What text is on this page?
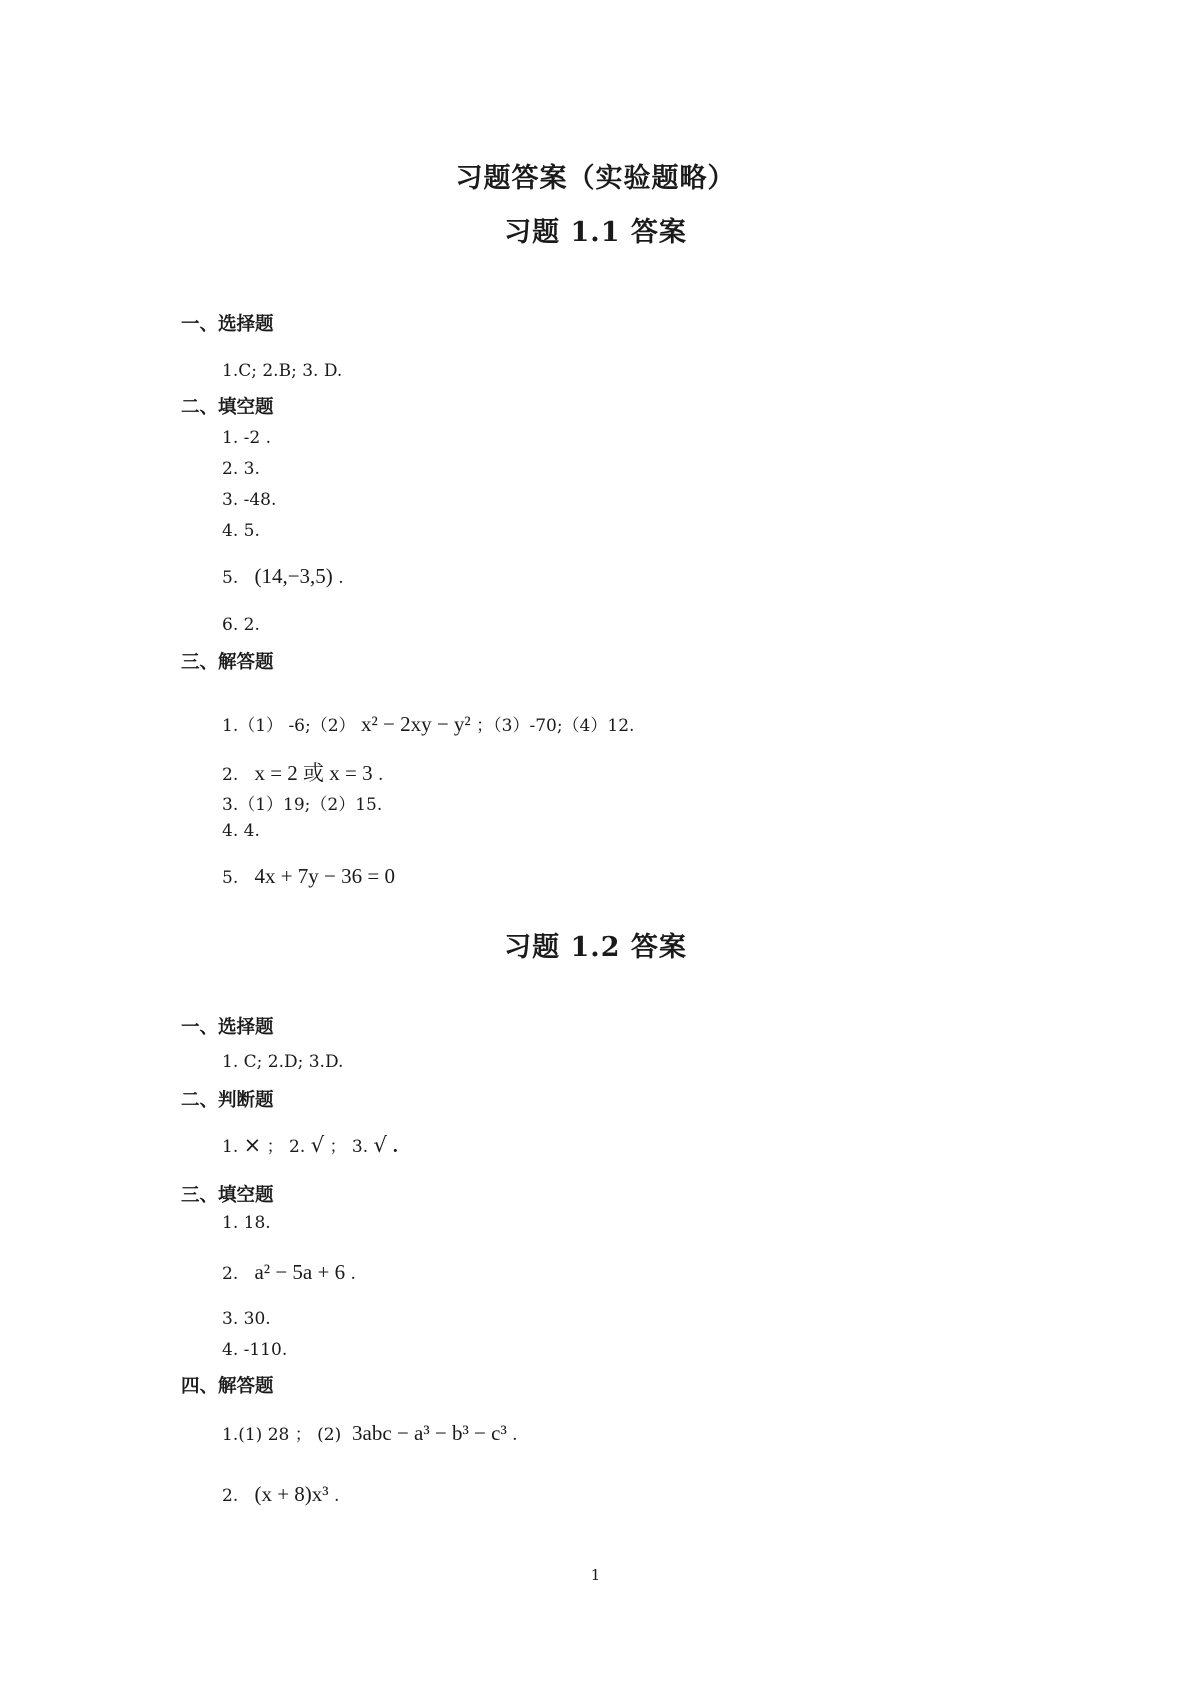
习题答案（实验题略）
习题 1.1 答案
一、选择题
1.C; 2.B; 3. D.
二、填空题
1. -2 .
2. 3.
3. -48.
4. 5.
5. (14,−3,5) .
6. 2.
三、解答题
1.（1） -6;（2） x² − 2xy − y² ；（3）-70;（4）12.
2. x = 2 或 x = 3 .
3.（1）19;（2）15.
4. 4.
5. 4x + 7y − 36 = 0
习题 1.2 答案
一、选择题
1. C; 2.D; 3.D.
二、判断题
1. × ； 2. √ ； 3. √ .
三、填空题
1. 18.
2. a² − 5a + 6 .
3. 30.
4. -110.
四、解答题
1.(1) 28 ； (2) 3abc − a³ − b³ − c³ .
2. (x + 8)x³ .
1
